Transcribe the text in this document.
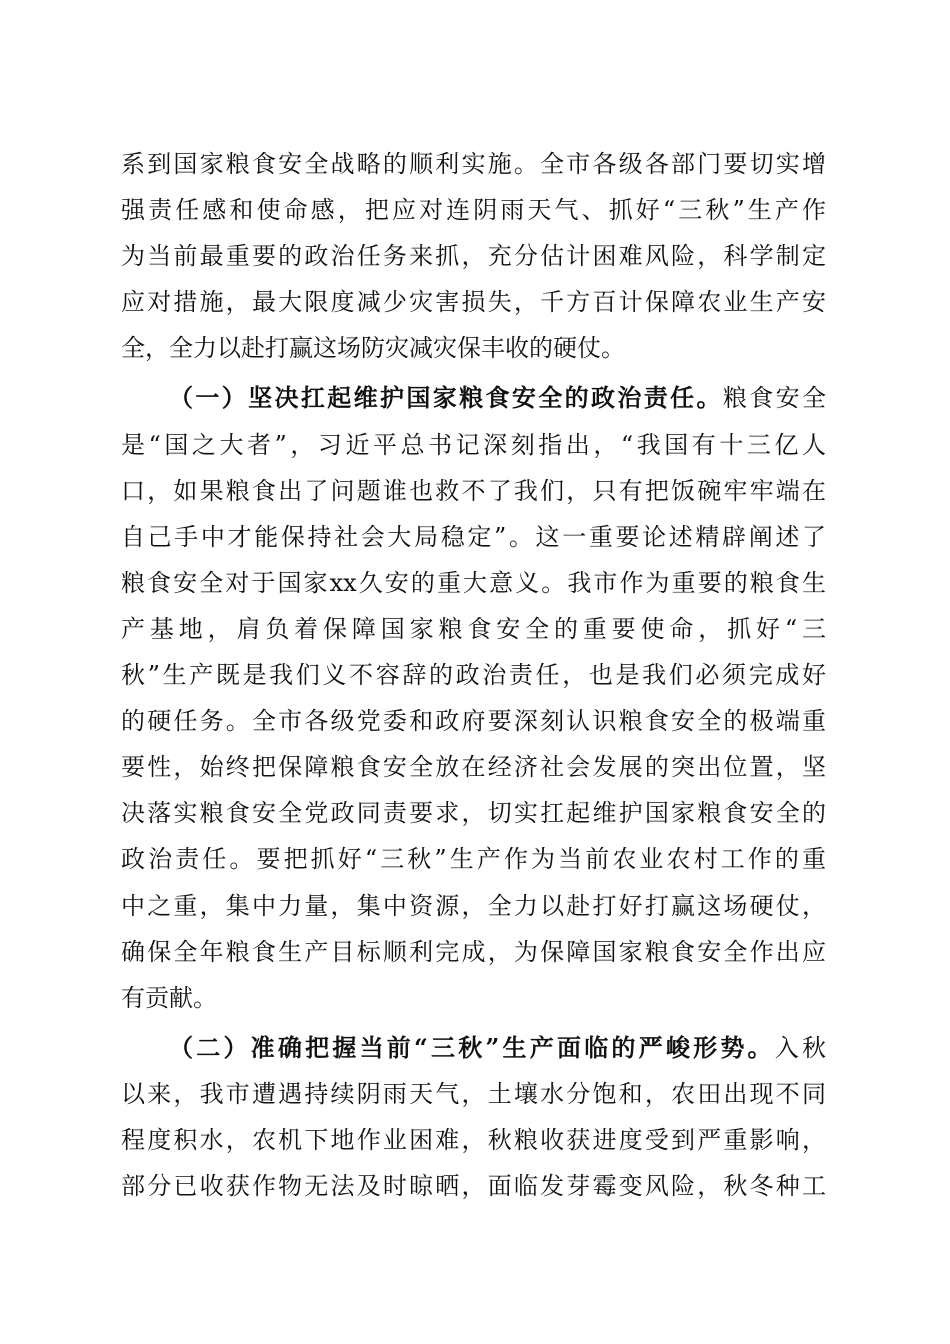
系到国家粮食安全战略的顺利实施。全市各级各部门要切实增
强责任感和使命感，把应对连阴雨天气、抓好“三秋”生产作
为当前最重要的政治任务来抓，充分估计困难风险，科学制定
应对措施，最大限度减少灾害损失，千方百计保障农业生产安
全，全力以赴打赢这场防灾减灾保丰收的硬仗。
（一）坚决扛起维护国家粮食安全的政治责任。粮食安全
是“国之大者”，习近平总书记深刻指出，“我国有十三亿人
口，如果粮食出了问题谁也救不了我们，只有把饭碗牢牢端在
自己手中才能保持社会大局稳定”。这一重要论述精辟阐述了
粮食安全对于国家xx久安的重大意义。我市作为重要的粮食生
产基地，肩负着保障国家粮食安全的重要使命，抓好“三
秋”生产既是我们义不容辞的政治责任，也是我们必须完成好
的硬任务。全市各级党委和政府要深刻认识粮食安全的极端重
要性，始终把保障粮食安全放在经济社会发展的突出位置，坚
决落实粮食安全党政同责要求，切实扛起维护国家粮食安全的
政治责任。要把抓好“三秋”生产作为当前农业农村工作的重
中之重，集中力量，集中资源，全力以赴打好打赢这场硬仗，
确保全年粮食生产目标顺利完成，为保障国家粮食安全作出应
有贡献。
（二）准确把握当前“三秋”生产面临的严峻形势。入秋
以来，我市遭遇持续阴雨天气，土壤水分饱和，农田出现不同
程度积水，农机下地作业困难，秋粮收获进度受到严重影响，
部分已收获作物无法及时晾晒，面临发芽霉变风险，秋冬种工
